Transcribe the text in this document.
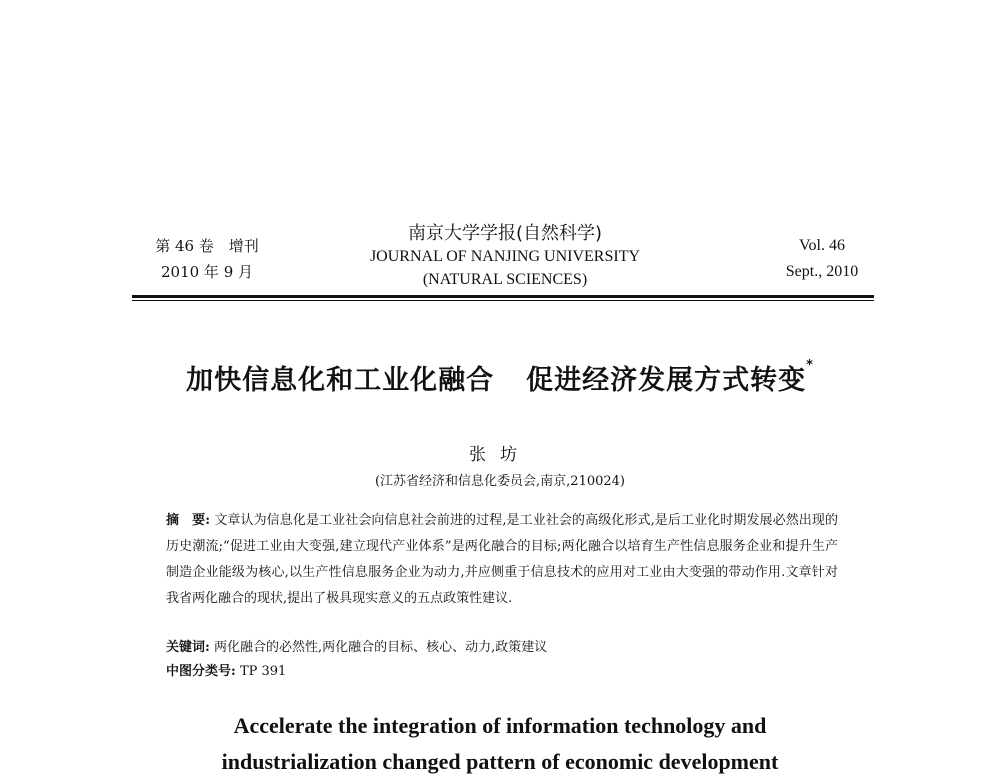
第 46 卷　增刊
2010 年 9 月
南京大学学报(自然科学)
JOURNAL OF NANJING UNIVERSITY
(NATURAL SCIENCES)
Vol. 46
Sept., 2010
加快信息化和工业化融合 促进经济发展方式转变*
张坊
(江苏省经济和信息化委员会,南京,210024)
摘　要: 文章认为信息化是工业社会向信息社会前进的过程,是工业社会的高级化形式,是后工业化时期发展必然出现的历史潮流;“促进工业由大变强,建立现代产业体系”是两化融合的目标;两化融合以培育生产性信息服务企业和提升生产制造企业能级为核心,以生产性信息服务企业为动力,并应侧重于信息技术的应用对工业由大变强的带动作用.文章针对我省两化融合的现状,提出了极具现实意义的五点政策性建议.
关键词: 两化融合的必然性,两化融合的目标、核心、动力,政策建议
中图分类号: TP 391
Accelerate the integration of information technology and
industrialization changed pattern of economic development
